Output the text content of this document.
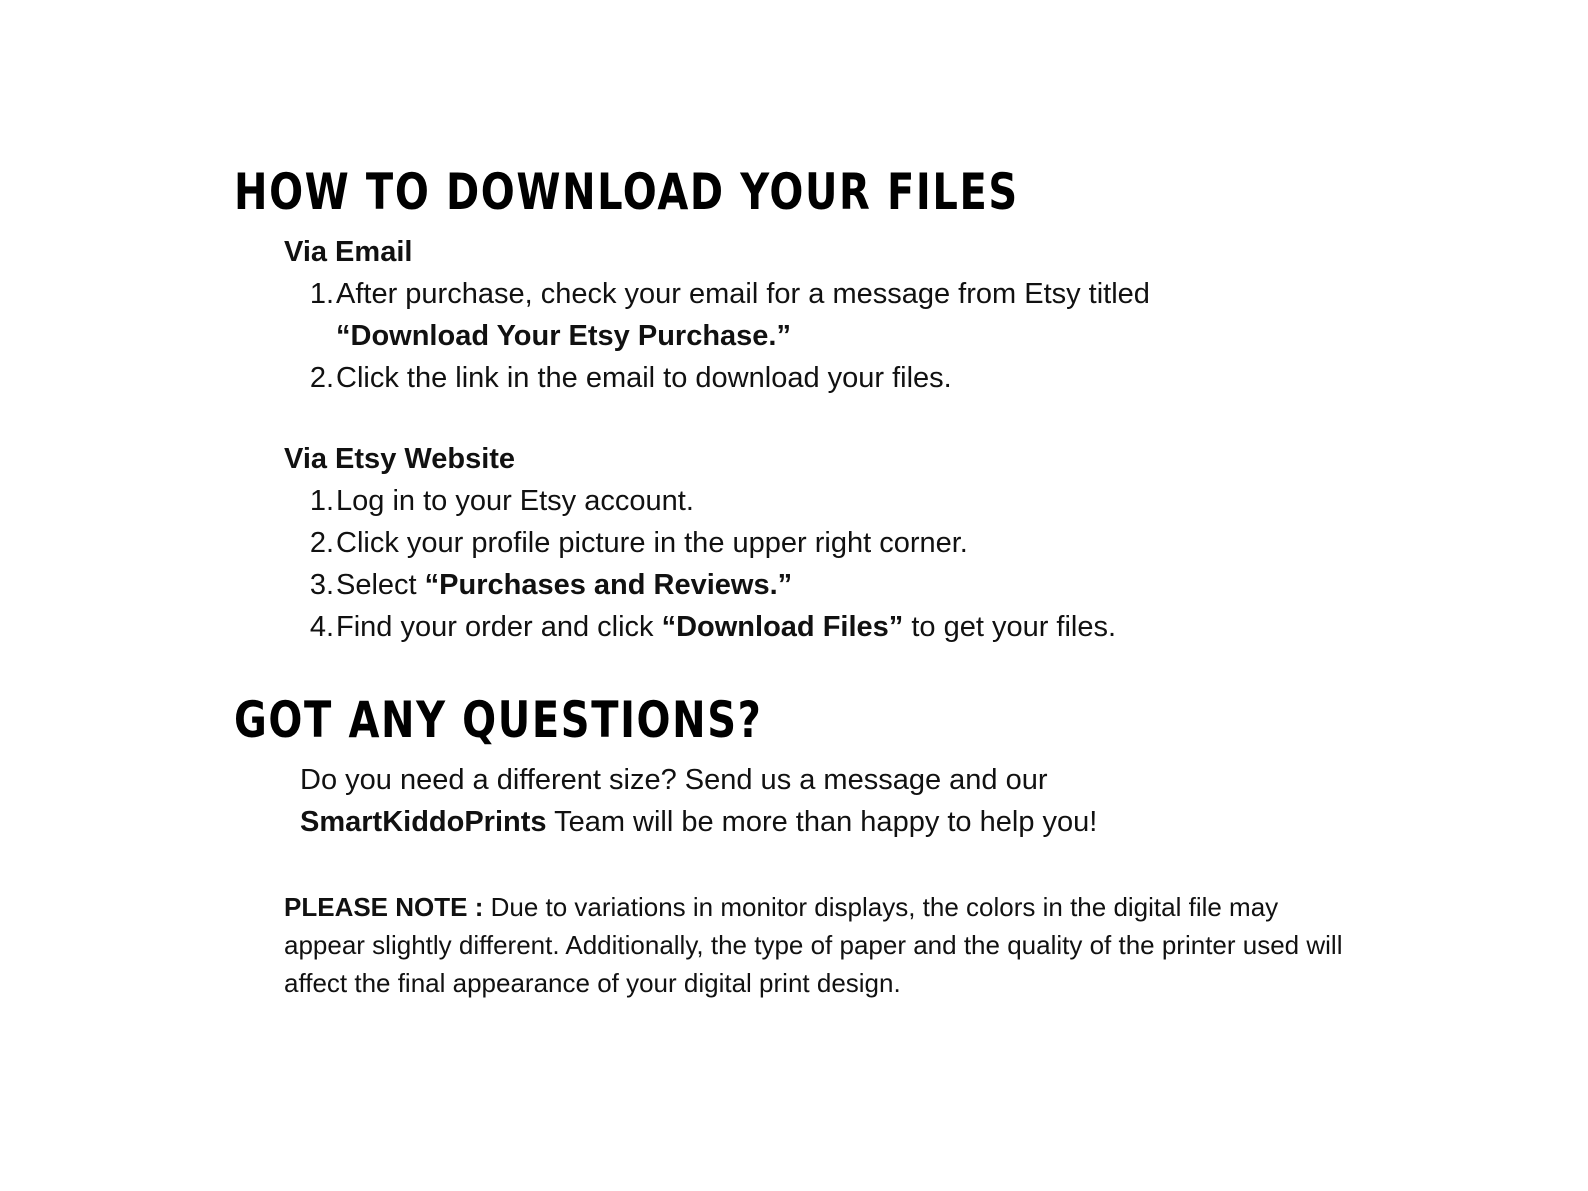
HOW TO DOWNLOAD YOUR FILES
Via Email
1. After purchase, check your email for a message from Etsy titled
“Download Your Etsy Purchase.”
2. Click the link in the email to download your files.
Via Etsy Website
1. Log in to your Etsy account.
2. Click your profile picture in the upper right corner.
3. Select “Purchases and Reviews.”
4. Find your order and click “Download Files” to get your files.
GOT ANY QUESTIONS?

Do you need a different size? Send us a message and our
SmartKiddoPrints Team will be more than happy to help you!

PLEASE NOTE : Due to variations in monitor displays, the colors in the digital file may appear slightly different. Additionally, the type of paper and the quality of the printer used will affect the final appearance of your digital print design.
